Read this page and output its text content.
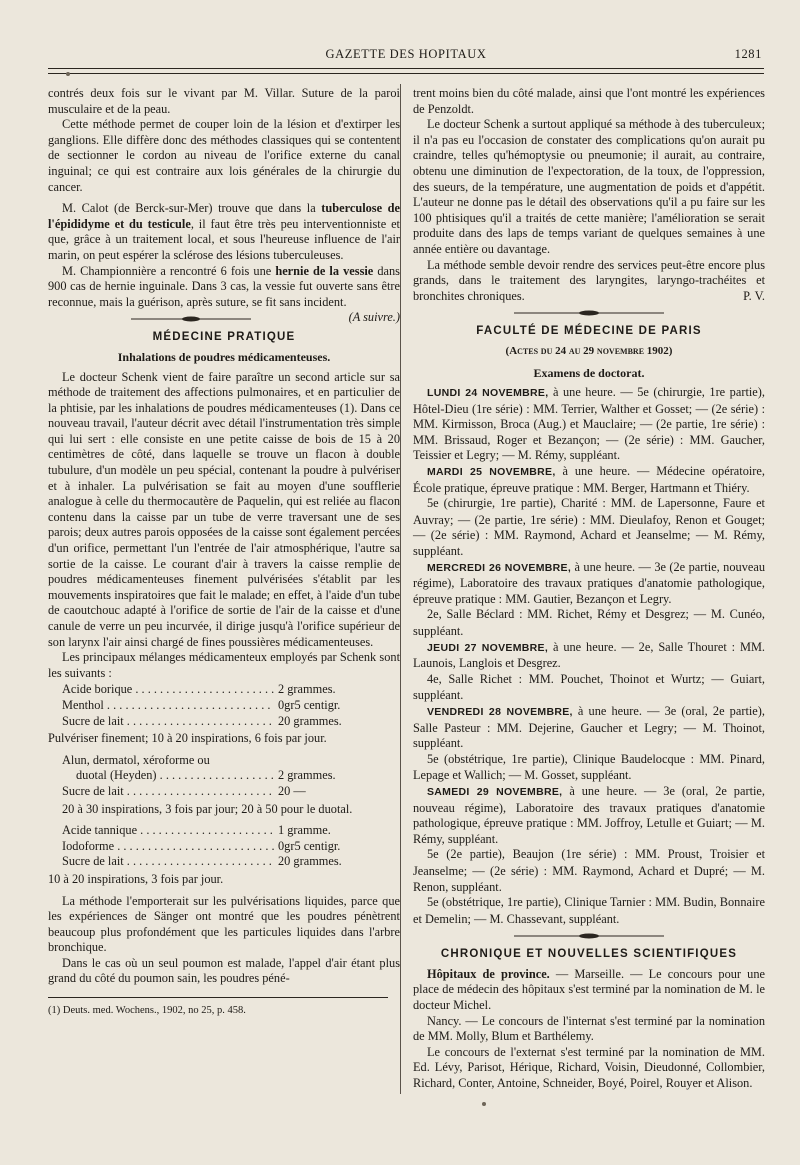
GAZETTE DES HOPITAUX	1281

contrés deux fois sur le vivant par M. Villar. Suture de la paroi musculaire et de la peau.

Cette méthode permet de couper loin de la lésion et d'extirper les ganglions. Elle diffère donc des méthodes classiques qui se contentent de sectionner le cordon au niveau de l'orifice externe du canal inguinal; ce qui est contraire aux lois générales de la chirurgie du cancer.

M. Calot (de Berck-sur-Mer) trouve que dans la tuberculose de l'épididyme et du testicule, il faut être très peu interventionniste et que, grâce à un traitement local, et sous l'heureuse influence de l'air marin, on peut espérer la sclérose des lésions tuberculeuses.

M. Championnière a rencontré 6 fois une hernie de la vessie dans 900 cas de hernie inguinale. Dans 3 cas, la vessie fut ouverte sans être reconnue, mais la guérison, après suture, se fit sans incident.
(A suivre.)

MÉDECINE PRATIQUE
Inhalations de poudres médicamenteuses.

Le docteur Schenk vient de faire paraître un second article sur sa méthode de traitement des affections pulmonaires, et en particulier de la phtisie, par les inhalations de poudres médicamenteuses (1). Dans ce nouveau travail, l'auteur décrit avec détail l'instrumentation très simple qui lui sert : elle consiste en une petite caisse de bois de 15 à 20 centimètres de côté, dans laquelle se trouve un flacon à double tubulure, d'un modèle un peu spécial, contenant la poudre à pulvériser et à inhaler. La pulvérisation se fait au moyen d'une soufflerie analogue à celle du thermocautère de Paquelin, qui est reliée au flacon contenu dans la caisse par un tube de verre traversant une de ses parois; deux autres parois opposées de la caisse sont également percées d'un orifice, permettant l'un l'entrée de l'air atmosphérique, l'autre sa sortie de la caisse. Le courant d'air à travers la caisse remplie de poudres médicamenteuses finement pulvérisées s'établit par les mouvements inspiratoires que fait le malade; en effet, à l'aide d'un tube de caoutchouc adapté à l'orifice de sortie de l'air de la caisse et d'une canule de verre un peu incurvée, il dirige jusqu'à l'orifice supérieur de son larynx l'air ainsi chargé de fines poussières médicamenteuses.

Les principaux mélanges médicamenteux employés par Schenk sont les suivants :

Acide borique . . .	2 grammes.
Menthol . . .	0gr5 centigr.
Sucre de lait . . .	20 grammes.

Pulvériser finement; 10 à 20 inspirations, 6 fois par jour.

Alun, dermatol, xéroforme ou
duotal (Heyden) . . .	2 grammes.
Sucre de lait . . .	20 —

20 à 30 inspirations, 3 fois par jour; 20 à 50 pour le duotal.

Acide tannique . . .	1 gramme.
Iodoforme . . .	0gr5 centigr.
Sucre de lait . . .	20 grammes.

10 à 20 inspirations, 3 fois par jour.

La méthode l'emporterait sur les pulvérisations liquides, parce que les expériences de Sänger ont montré que les poudres pénètrent beaucoup plus profondément que les particules liquides dans l'arbre bronchique.

Dans le cas où un seul poumon est malade, l'appel d'air étant plus grand du côté du poumon sain, les poudres péné-

(1) Deuts. med. Wochens., 1902, no 25, p. 458.

trent moins bien du côté malade, ainsi que l'ont montré les expériences de Penzoldt.

Le docteur Schenk a surtout appliqué sa méthode à des tuberculeux; il n'a pas eu l'occasion de constater des complications qu'on aurait pu craindre, telles qu'hémoptysie ou pneumonie; il aurait, au contraire, obtenu une diminution de l'expectoration, de la toux, de l'oppression, des sueurs, de la température, une augmentation de poids et d'appétit. L'auteur ne donne pas le détail des observations qu'il a pu faire sur les 100 phtisiques qu'il a traités de cette manière; l'amélioration se serait produite dans des laps de temps variant de quelques semaines à une année entière ou davantage.

La méthode semble devoir rendre des services peut-être encore plus grands, dans le traitement des laryngites, laryngo-trachéites et bronchites chroniques.	P. V.

FACULTÉ DE MÉDECINE DE PARIS
(Actes du 24 au 29 novembre 1902)
Examens de doctorat.

LUNDI 24 NOVEMBRE, à une heure. — 5e (chirurgie, 1re partie), Hôtel-Dieu (1re série) : MM. Terrier, Walther et Gosset; — (2e série) : MM. Kirmisson, Broca (Aug.) et Mauclaire; — (2e partie, 1re série) : MM. Brissaud, Roger et Bezançon; — (2e série) : MM. Gaucher, Teissier et Legry; — M. Rémy, suppléant.

MARDI 25 NOVEMBRE, à une heure. — Médecine opératoire, École pratique, épreuve pratique : MM. Berger, Hartmann et Thiéry.

5e (chirurgie, 1re partie), Charité : MM. de Lapersonne, Faure et Auvray; — (2e partie, 1re série) : MM. Dieulafoy, Renon et Gouget; — (2e série) : MM. Raymond, Achard et Jeanselme; — M. Rémy, suppléant.

MERCREDI 26 NOVEMBRE, à une heure. — 3e (2e partie, nouveau régime), Laboratoire des travaux pratiques d'anatomie pathologique, épreuve pratique : MM. Gautier, Bezançon et Legry.

2e, Salle Béclard : MM. Richet, Rémy et Desgrez; — M. Cunéo, suppléant.

JEUDI 27 NOVEMBRE, à une heure. — 2e, Salle Thouret : MM. Launois, Langlois et Desgrez.

4e, Salle Richet : MM. Pouchet, Thoinot et Wurtz; — Guiart, suppléant.

VENDREDI 28 NOVEMBRE, à une heure. — 3e (oral, 2e partie), Salle Pasteur : MM. Dejerine, Gaucher et Legry; — M. Thoinot, suppléant.

5e (obstétrique, 1re partie), Clinique Baudelocque : MM. Pinard, Lepage et Wallich; — M. Gosset, suppléant.

SAMEDI 29 NOVEMBRE, à une heure. — 3e (oral, 2e partie, nouveau régime), Laboratoire des travaux pratiques d'anatomie pathologique, épreuve pratique : MM. Joffroy, Letulle et Guiart; — M. Rémy, suppléant.

5e (2e partie), Beaujon (1re série) : MM. Proust, Troisier et Jeanselme; — (2e série) : MM. Raymond, Achard et Dupré; — M. Renon, suppléant.

5e (obstétrique, 1re partie), Clinique Tarnier : MM. Budin, Bonnaire et Demelin; — M. Chassevant, suppléant.

CHRONIQUE ET NOUVELLES SCIENTIFIQUES

Hôpitaux de province. — Marseille. — Le concours pour une place de médecin des hôpitaux s'est terminé par la nomination de M. le docteur Michel.

Nancy. — Le concours de l'internat s'est terminé par la nomination de MM. Molly, Blum et Barthélemy.

Le concours de l'externat s'est terminé par la nomination de MM. Ed. Lévy, Parisot, Hérique, Richard, Voisin, Dieudonné, Collombier, Richard, Conter, Antoine, Schneider, Boyé, Poirel, Rouyer et Alison.
